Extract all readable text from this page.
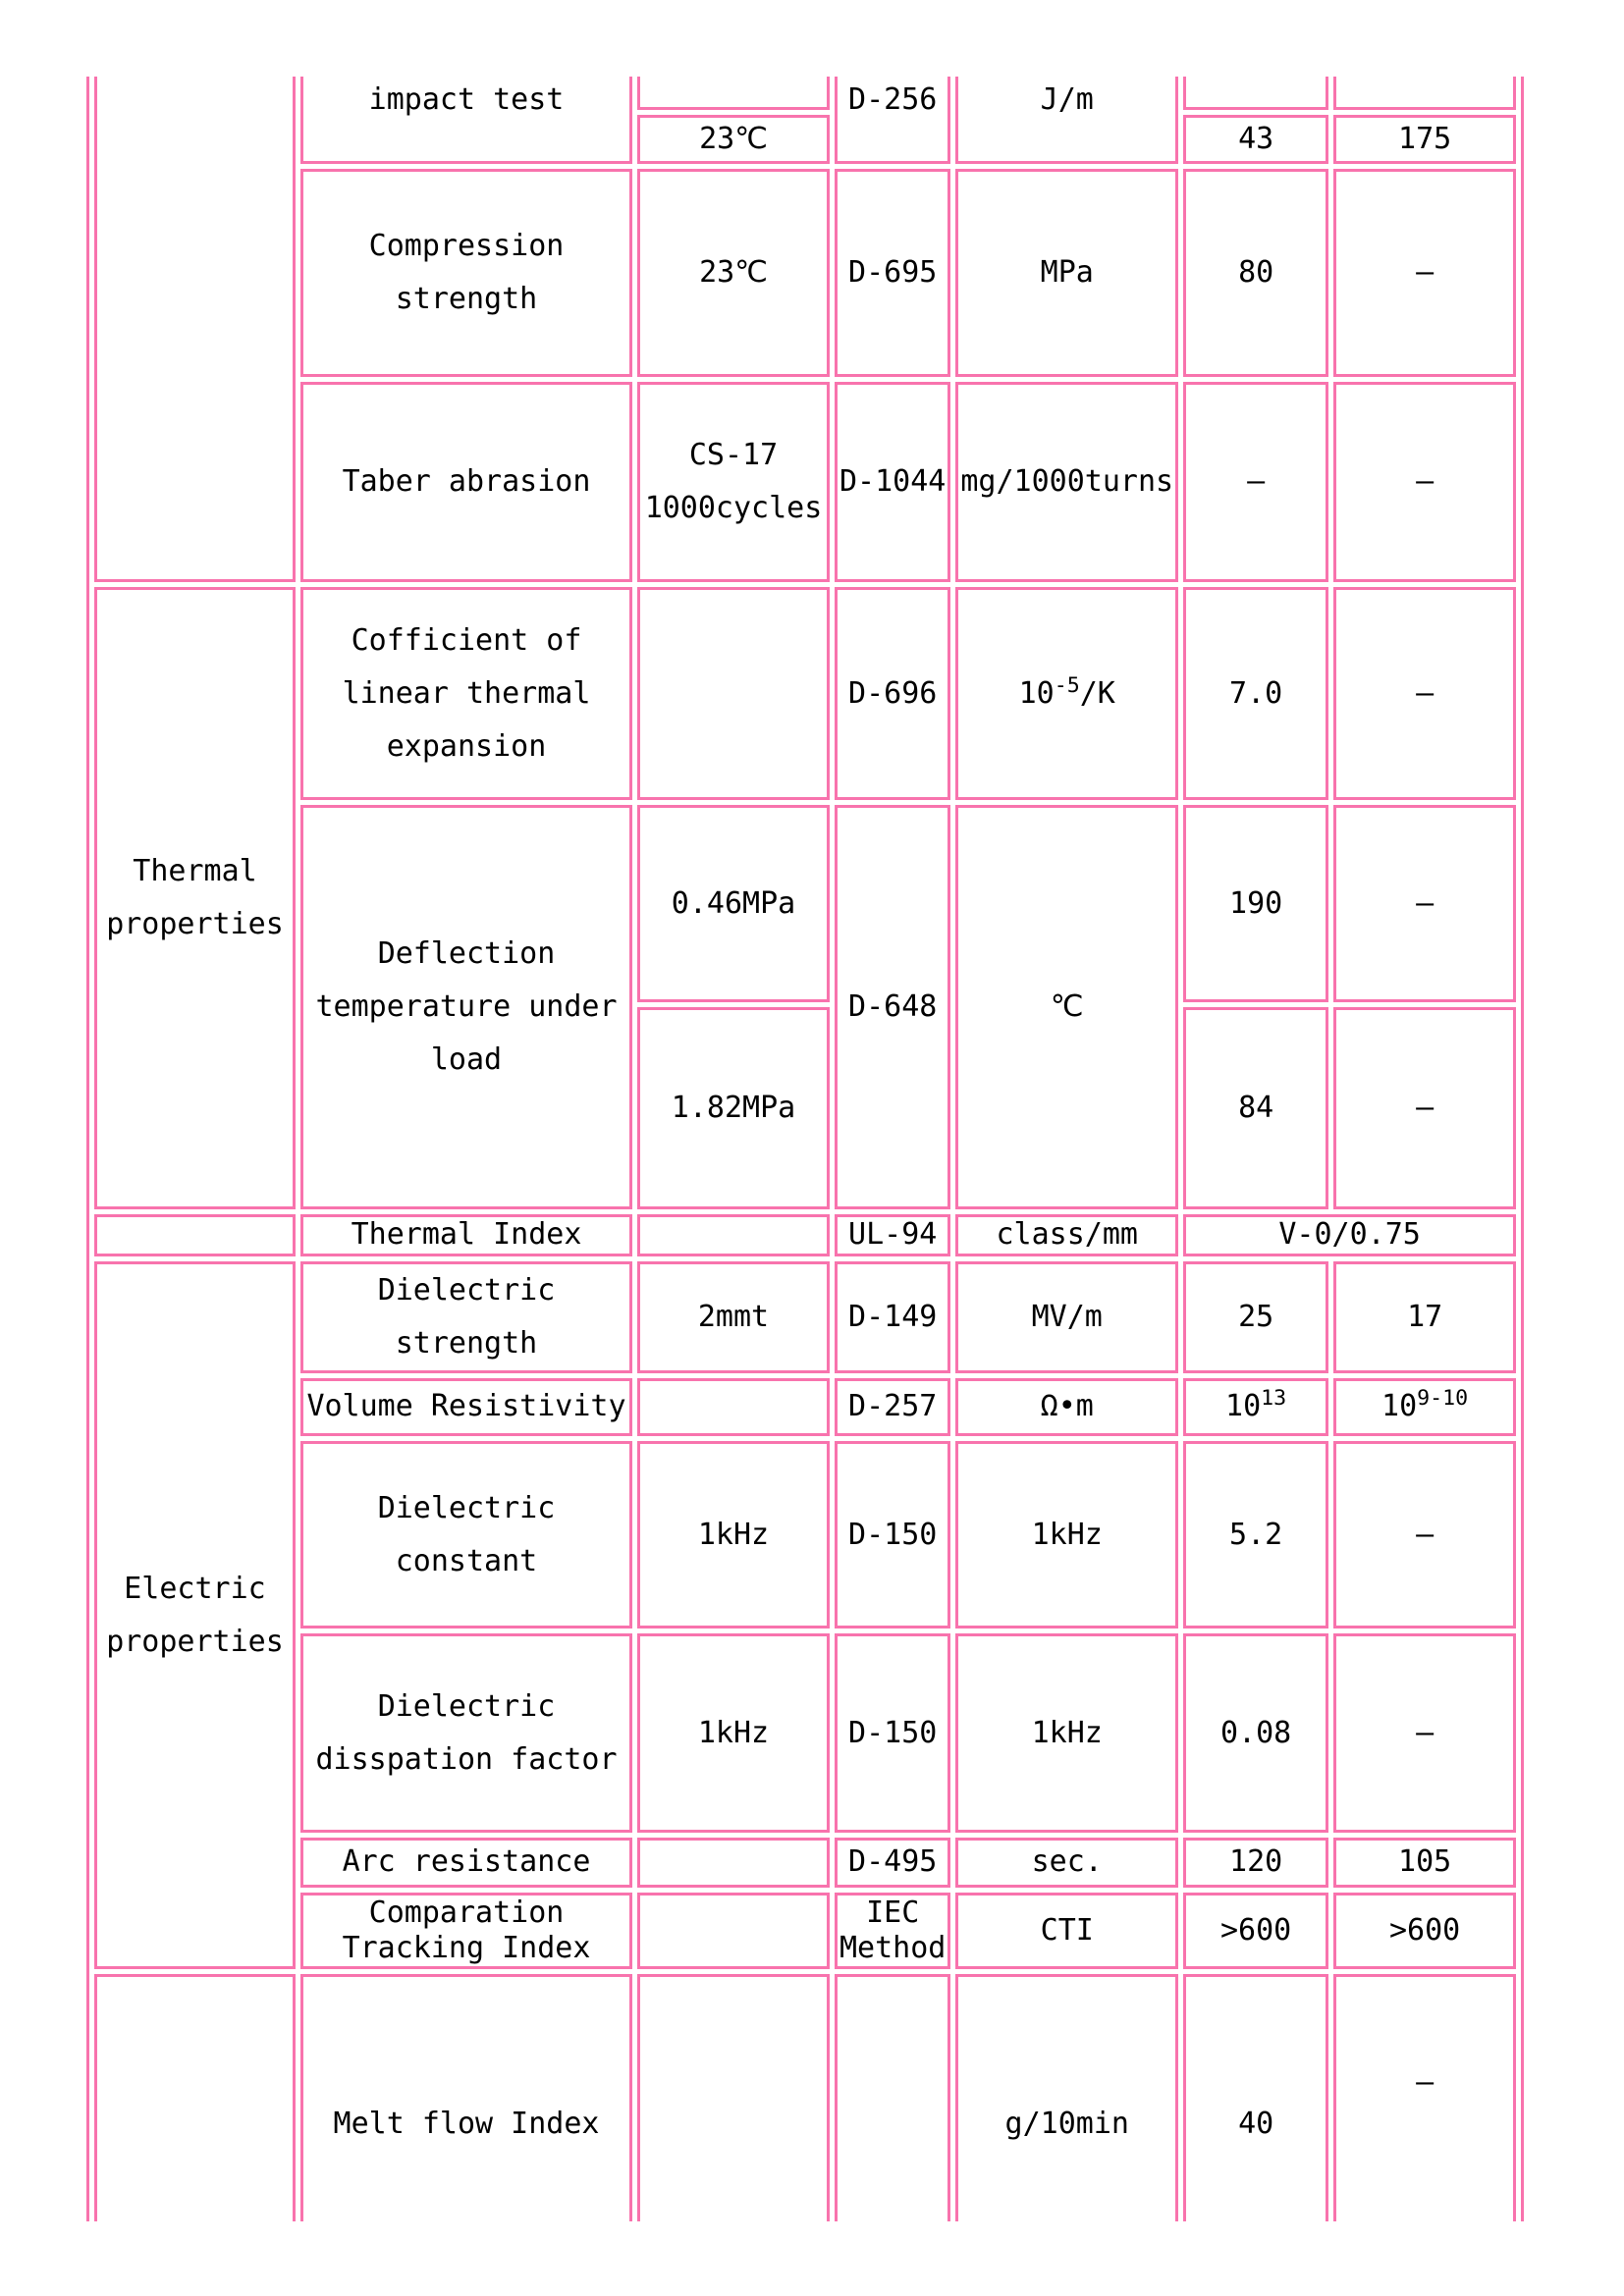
	impact test		D-256	J/m		
		23℃			43	175
	Compression strength	23℃	D-695	MPa	80	—
	Taber abrasion	CS-17 1000cycles	D-1044	mg/1000turns	—	—
Thermal properties	Cofficient of linear thermal expansion		D-696	$10^{-5}/K$	7.0	—
	Deflection temperature under load	0.46MPa	D-648	℃	190	—
		1.82MPa			84	—
	Thermal Index		UL-94	class/mm	V-0/0.75	
Electric properties	Dielectric strength	2mmt	D-149	MV/m	25	17
	Volume Resistivity		D-257	Ω•m	$10^{13}$	10$^{9-10}$
	Dielectric constant	1kHz	D-150	1kHz	5.2	—
	Dielectric disspation factor	1kHz	D-150	1kHz	0.08	—
	Arc resistance		D-495	sec.	120	105
	Comparation Tracking Index		IEC Method	CTI	>600	>600
	Melt flow Index			g/10min	40	—
